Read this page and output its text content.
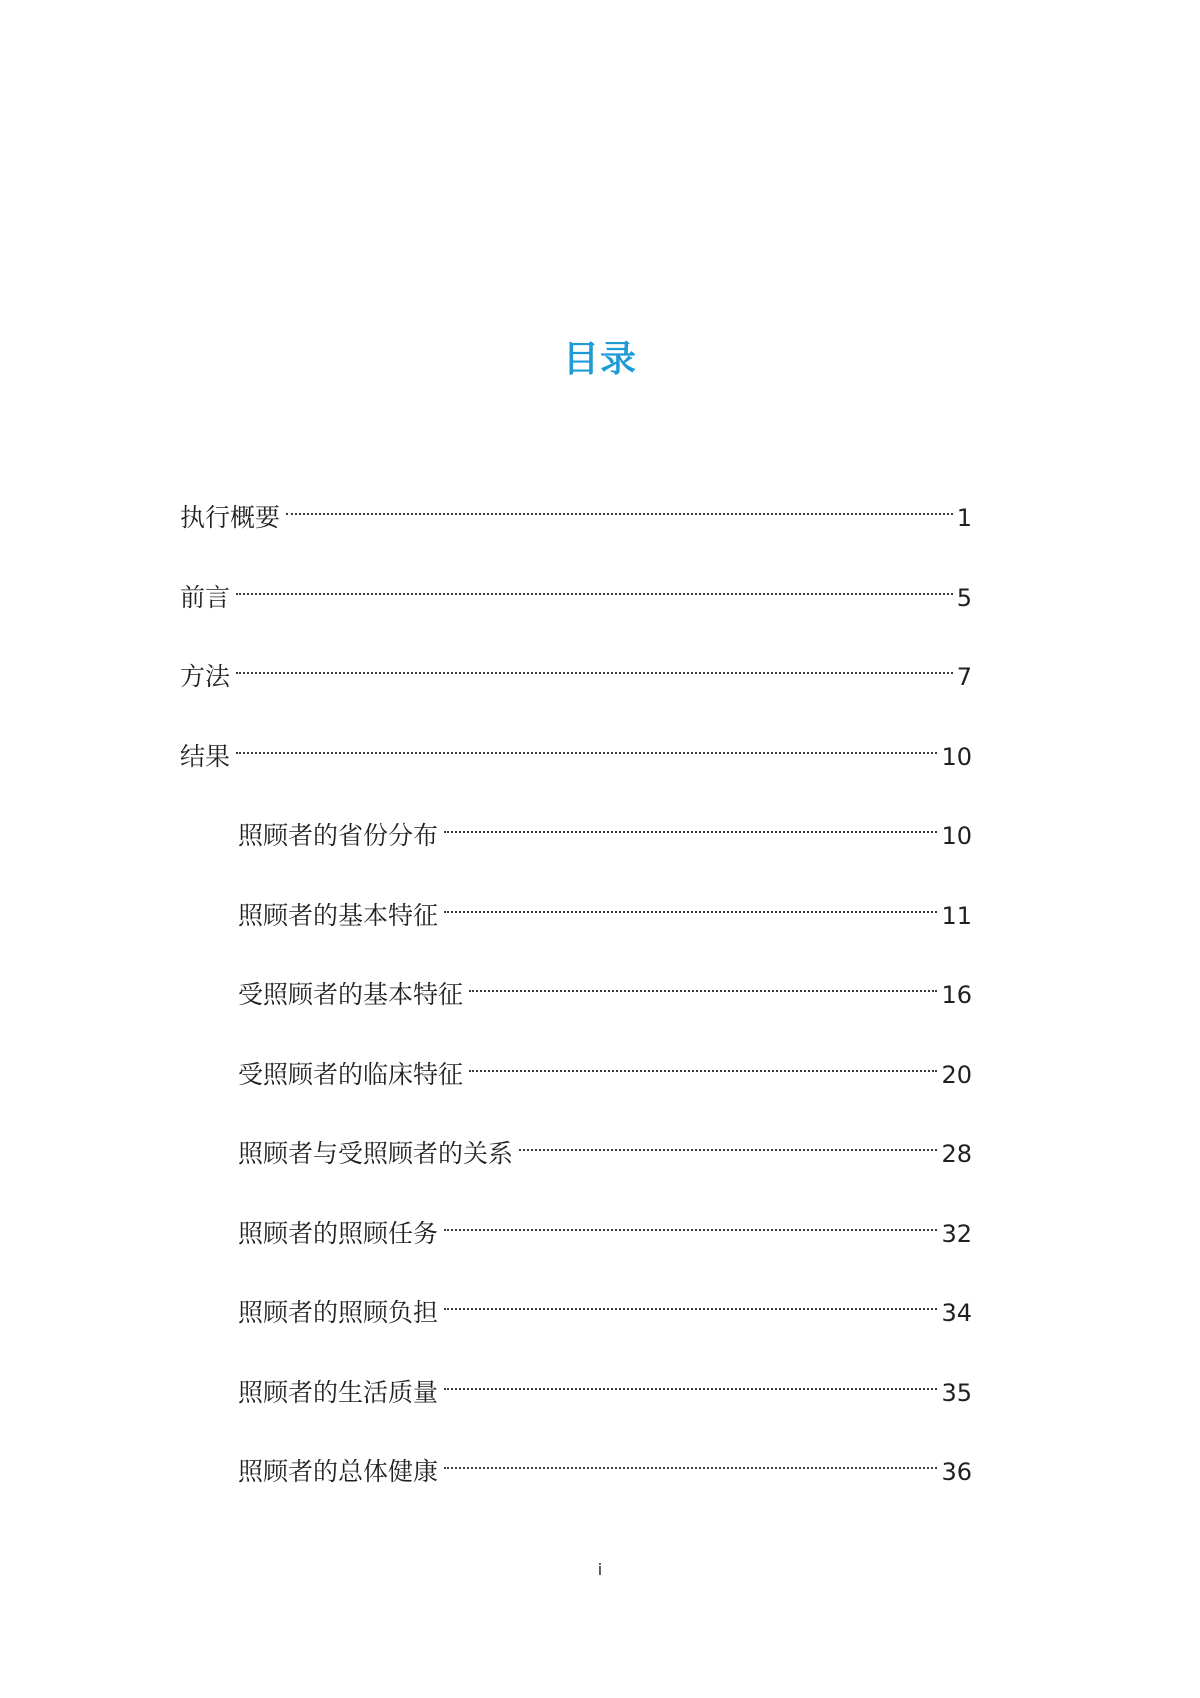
目录
执行概要	1
前言	5
方法	7
结果	10
照顾者的省份分布	10
照顾者的基本特征	11
受照顾者的基本特征	16
受照顾者的临床特征	20
照顾者与受照顾者的关系	28
照顾者的照顾任务	32
照顾者的照顾负担	34
照顾者的生活质量	35
照顾者的总体健康	36
i
